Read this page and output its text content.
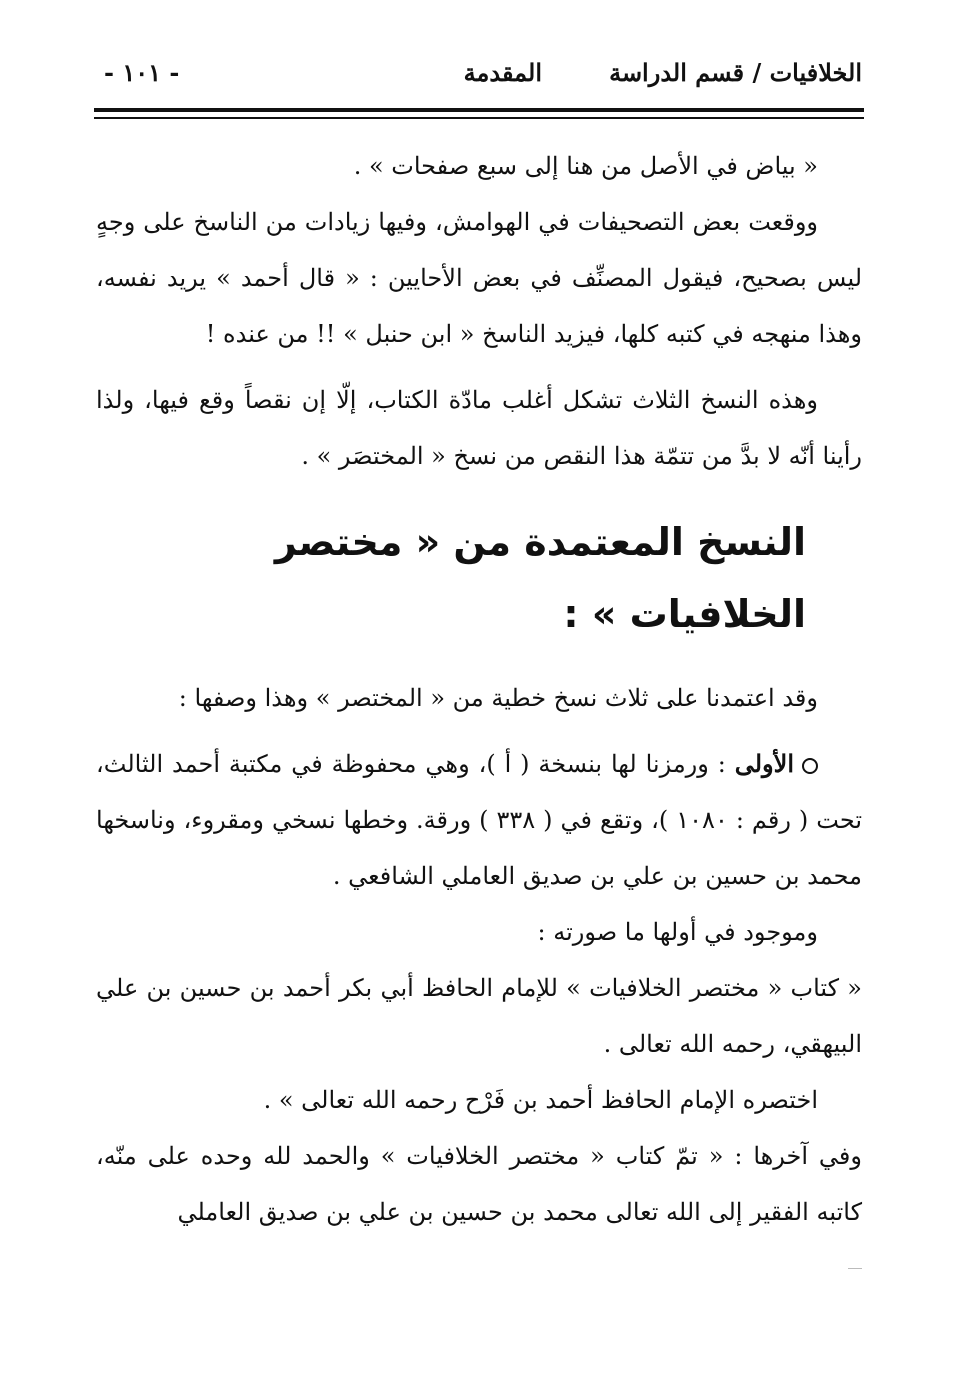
الخلافيات / قسم الدراسة
المقدمة
- ١٠١ -

« بياض في الأصل من هنا إلى سبع صفحات » .

ووقعت بعض التصحيفات في الهوامش، وفيها زيادات من الناسخ على وجهٍ ليس بصحيح، فيقول المصنِّف في بعض الأحايين : « قال أحمد » يريد نفسه، وهذا منهجه في كتبه كلها، فيزيد الناسخ « ابن حنبل » !! من عنده !

وهذه النسخ الثلاث تشكل أغلب مادّة الكتاب، إلّا إن نقصاً وقع فيها، ولذا رأينا أنّه لا بدَّ من تتمّة هذا النقص من نسخ « المختصَر » .

النسخ المعتمدة من « مختصر الخلافيات » :

وقد اعتمدنا على ثلاث نسخ خطية من « المختصر » وهذا وصفها :

الأولى : ورمزنا لها بنسخة ( أ )، وهي محفوظة في مكتبة أحمد الثالث، تحت ( رقم : ١٠٨٠ )، وتقع في ( ٣٣٨ ) ورقة. وخطها نسخي ومقروء، وناسخها محمد بن حسين بن علي بن صديق العاملي الشافعي .

وموجود في أولها ما صورته :

« كتاب « مختصر الخلافيات » للإمام الحافظ أبي بكر أحمد بن حسين بن علي البيهقي، رحمه الله تعالى .

اختصره الإمام الحافظ أحمد بن فَرْح رحمه الله تعالى » .

وفي آخرها : « تمّ كتاب « مختصر الخلافيات » والحمد لله وحده على منّه، كاتبه الفقير إلى الله تعالى محمد بن حسين بن علي بن صديق العاملي
